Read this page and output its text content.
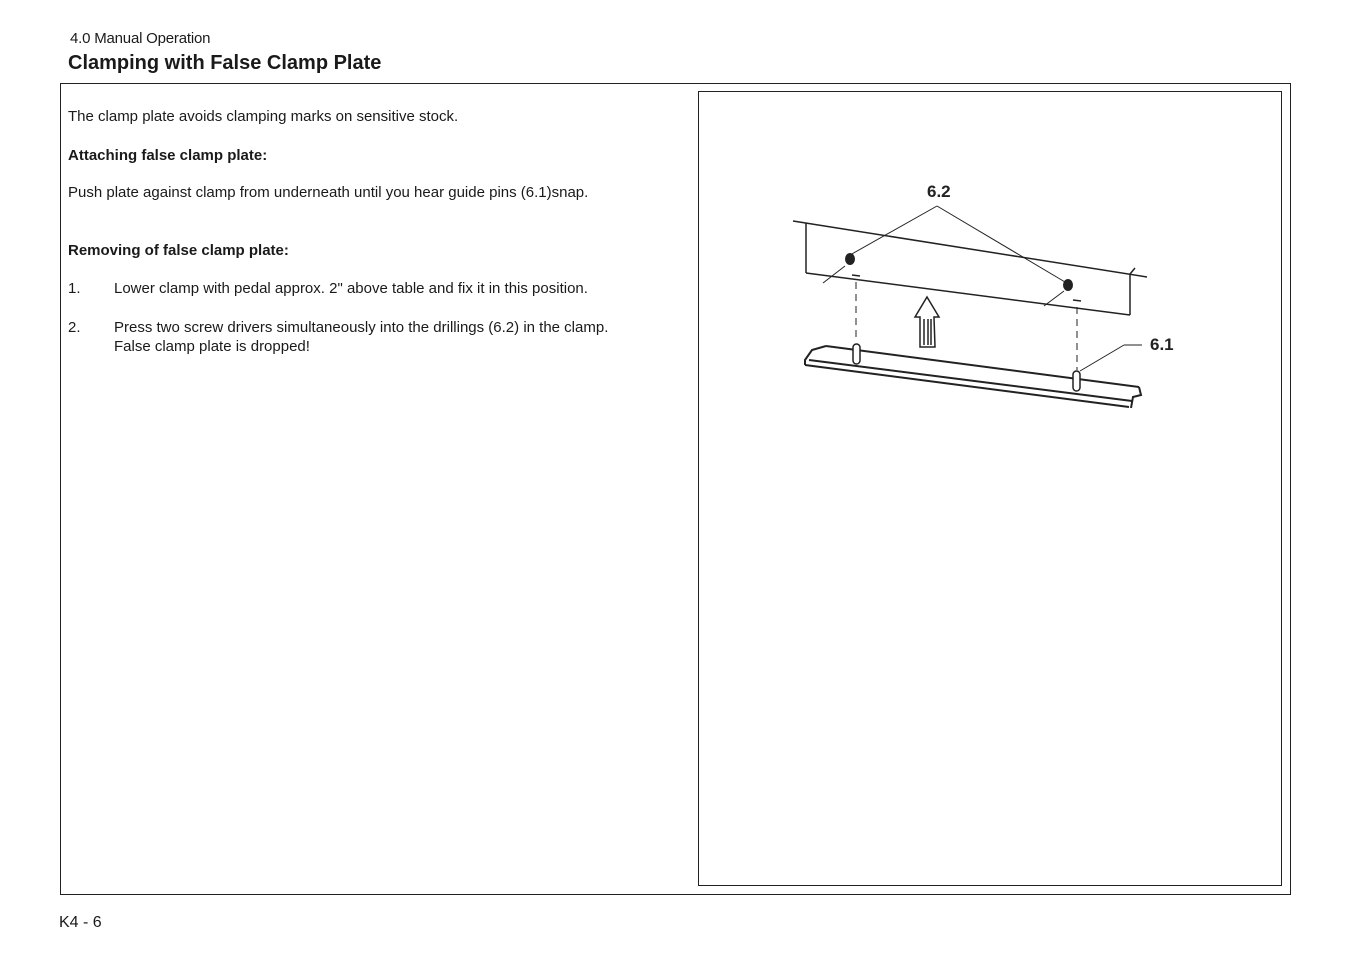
4.0 Manual Operation
Clamping with False Clamp Plate

The clamp plate avoids clamping marks on sensitive stock.

Attaching false clamp plate:

Push plate against clamp from underneath until you hear guide pins (6.1)snap.

Removing of false clamp plate:

1.	Lower clamp with pedal approx. 2" above table and fix it in this position.
2.	Press two screw drivers simultaneously into the drillings (6.2) in the clamp.
False clamp plate is dropped!
6.2
6.1
K4 - 6
